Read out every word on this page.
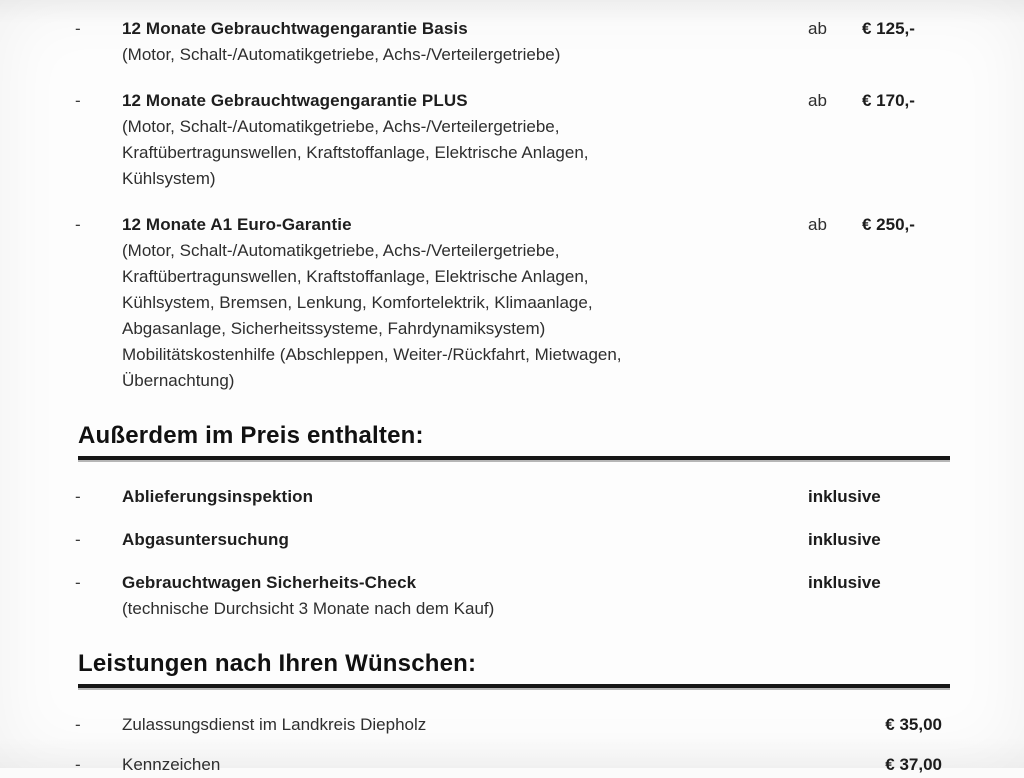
-	12 Monate Gebrauchtwagengarantie Basis
(Motor, Schalt-/Automatikgetriebe, Achs-/Verteilergetriebe)
ab	€ 125,-
-	12 Monate Gebrauchtwagengarantie PLUS
(Motor, Schalt-/Automatikgetriebe, Achs-/Verteilergetriebe,
Kraftübertragunswellen, Kraftstoffanlage, Elektrische Anlagen,
Kühlsystem)
ab	€ 170,-
-	12 Monate A1 Euro-Garantie
(Motor, Schalt-/Automatikgetriebe, Achs-/Verteilergetriebe,
Kraftübertragunswellen, Kraftstoffanlage, Elektrische Anlagen,
Kühlsystem, Bremsen, Lenkung, Komfortelektrik, Klimaanlage,
Abgasanlage, Sicherheitssysteme, Fahrdynamiksystem)
Mobilitätskostenhilfe (Abschleppen, Weiter-/Rückfahrt, Mietwagen,
Übernachtung)
ab	€ 250,-
Außerdem im Preis enthalten:
-	Ablieferungsinspektion	inklusive
-	Abgasuntersuchung	inklusive
-	Gebrauchtwagen Sicherheits-Check
(technische Durchsicht 3 Monate nach dem Kauf)
inklusive
Leistungen nach Ihren Wünschen:
-	Zulassungsdienst im Landkreis Diepholz	€ 35,00
-	Kennzeichen	€ 37,00
